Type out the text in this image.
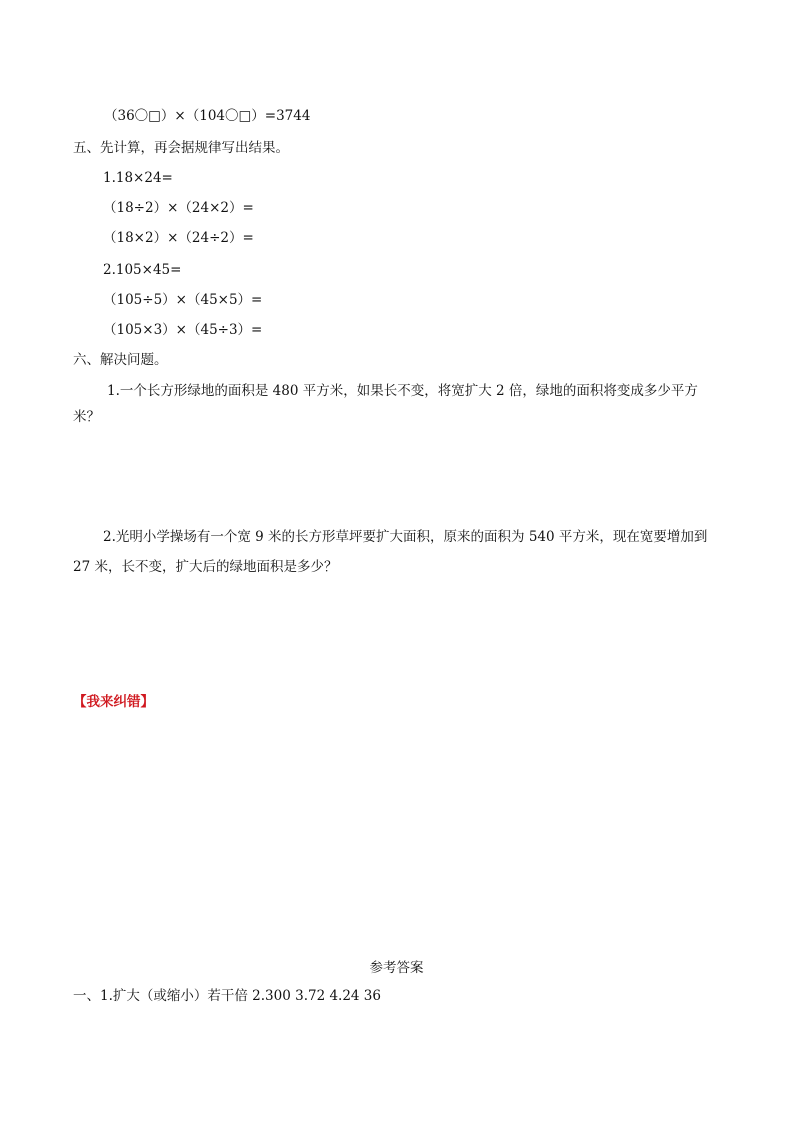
（36〇□）×（104〇□）=3744
五、先计算，再会据规律写出结果。
1.18×24=
（18÷2）×（24×2）=
（18×2）×（24÷2）=
2.105×45=
（105÷5）×（45×5）=
（105×3）×（45÷3）=
六、解决问题。
1.一个长方形绿地的面积是 480 平方米，如果长不变，将宽扩大 2 倍，绿地的面积将变成多少平方
米？
2.光明小学操场有一个宽 9 米的长方形草坪要扩大面积，原来的面积为 540 平方米，现在宽要增加到
27 米，长不变，扩大后的绿地面积是多少？
【我来纠错】
参考答案
一、1.扩大（或缩小）若干倍 2.300 3.72 4.24 36
